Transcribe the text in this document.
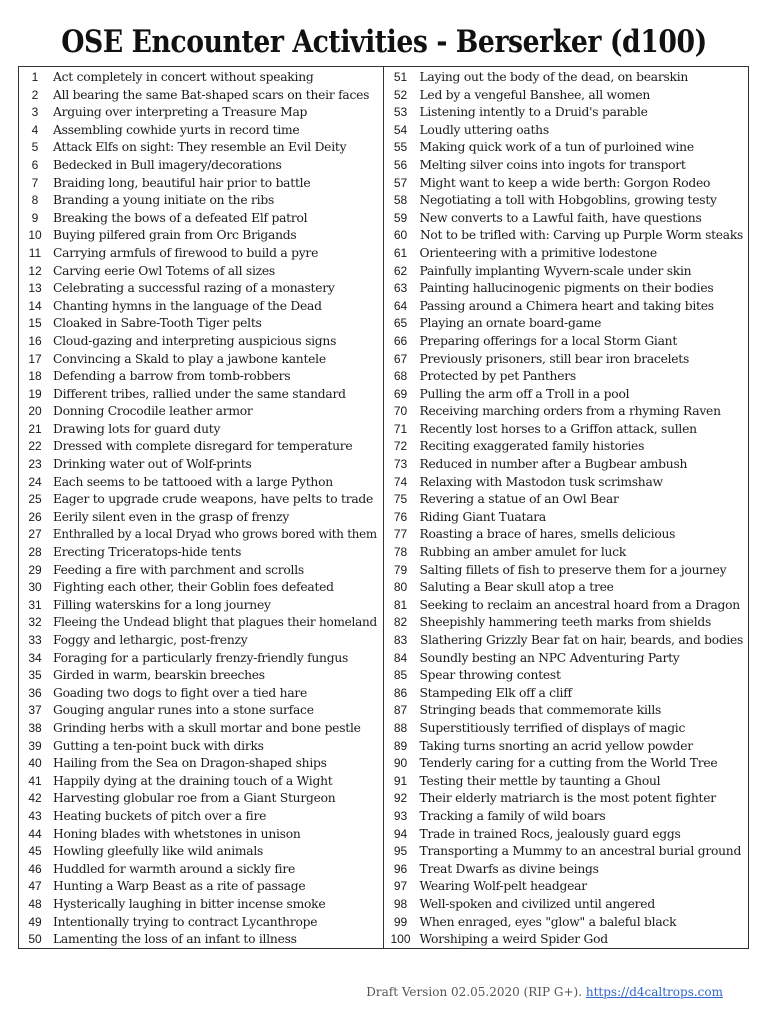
OSE Encounter Activities - Berserker (d100)
1	Act completely in concert without speaking
2	All bearing the same Bat-shaped scars on their faces
3	Arguing over interpreting a Treasure Map
4	Assembling cowhide yurts in record time
5	Attack Elfs on sight: They resemble an Evil Deity
6	Bedecked in Bull imagery/decorations
7	Braiding long, beautiful hair prior to battle
8	Branding a young initiate on the ribs
9	Breaking the bows of a defeated Elf patrol
10 Buying pilfered grain from Orc Brigands
11 Carrying armfuls of firewood to build a pyre
12 Carving eerie Owl Totems of all sizes
13 Celebrating a successful razing of a monastery
14 Chanting hymns in the language of the Dead
15 Cloaked in Sabre-Tooth Tiger pelts
16 Cloud-gazing and interpreting auspicious signs
17 Convincing a Skald to play a jawbone kantele
18 Defending a barrow from tomb-robbers
19 Different tribes, rallied under the same standard
20 Donning Crocodile leather armor
21 Drawing lots for guard duty
22 Dressed with complete disregard for temperature
23 Drinking water out of Wolf-prints
24 Each seems to be tattooed with a large Python
25 Eager to upgrade crude weapons, have pelts to trade
26 Eerily silent even in the grasp of frenzy
27 Enthralled by a local Dryad who grows bored with them
28 Erecting Triceratops-hide tents
29 Feeding a fire with parchment and scrolls
30 Fighting each other, their Goblin foes defeated
31 Filling waterskins for a long journey
32 Fleeing the Undead blight that plagues their homeland
33 Foggy and lethargic, post-frenzy
34 Foraging for a particularly frenzy-friendly fungus
35 Girded in warm, bearskin breeches
36 Goading two dogs to fight over a tied hare
37 Gouging angular runes into a stone surface
38 Grinding herbs with a skull mortar and bone pestle
39 Gutting a ten-point buck with dirks
40 Hailing from the Sea on Dragon-shaped ships
41 Happily dying at the draining touch of a Wight
42 Harvesting globular roe from a Giant Sturgeon
43 Heating buckets of pitch over a fire
44 Honing blades with whetstones in unison
45 Howling gleefully like wild animals
46 Huddled for warmth around a sickly fire
47 Hunting a Warp Beast as a rite of passage
48 Hysterically laughing in bitter incense smoke
49 Intentionally trying to contract Lycanthrope
50 Lamenting the loss of an infant to illness
51	Laying out the body of the dead, on bearskin
52	Led by a vengeful Banshee, all women
53	Listening intently to a Druid's parable
54	Loudly uttering oaths
55	Making quick work of a tun of purloined wine
56	Melting silver coins into ingots for transport
57	Might want to keep a wide berth: Gorgon Rodeo
58	Negotiating a toll with Hobgoblins, growing testy
59	New converts to a Lawful faith, have questions
60	Not to be trifled with: Carving up Purple Worm steaks
61	Orienteering with a primitive lodestone
62	Painfully implanting Wyvern-scale under skin
63	Painting hallucinogenic pigments on their bodies
64	Passing around a Chimera heart and taking bites
65	Playing an ornate board-game
66	Preparing offerings for a local Storm Giant
67	Previously prisoners, still bear iron bracelets
68	Protected by pet Panthers
69	Pulling the arm off a Troll in a pool
70	Receiving marching orders from a rhyming Raven
71	Recently lost horses to a Griffon attack, sullen
72	Reciting exaggerated family histories
73	Reduced in number after a Bugbear ambush
74	Relaxing with Mastodon tusk scrimshaw
75	Revering a statue of an Owl Bear
76	Riding Giant Tuatara
77	Roasting a brace of hares, smells delicious
78	Rubbing an amber amulet for luck
79	Salting fillets of fish to preserve them for a journey
80	Saluting a Bear skull atop a tree
81	Seeking to reclaim an ancestral hoard from a Dragon
82	Sheepishly hammering teeth marks from shields
83	Slathering Grizzly Bear fat on hair, beards, and bodies
84	Soundly besting an NPC Adventuring Party
85	Spear throwing contest
86	Stampeding Elk off a cliff
87	Stringing beads that commemorate kills
88	Superstitiously terrified of displays of magic
89	Taking turns snorting an acrid yellow powder
90	Tenderly caring for a cutting from the World Tree
91	Testing their mettle by taunting a Ghoul
92	Their elderly matriarch is the most potent fighter
93	Tracking a family of wild boars
94	Trade in trained Rocs, jealously guard eggs
95	Transporting a Mummy to an ancestral burial ground
96	Treat Dwarfs as divine beings
97	Wearing Wolf-pelt headgear
98	Well-spoken and civilized until angered
99	When enraged, eyes "glow" a baleful black
100 Worshiping a weird Spider God
Draft Version 02.05.2020 (RIP G+). https://d4caltrops.com
